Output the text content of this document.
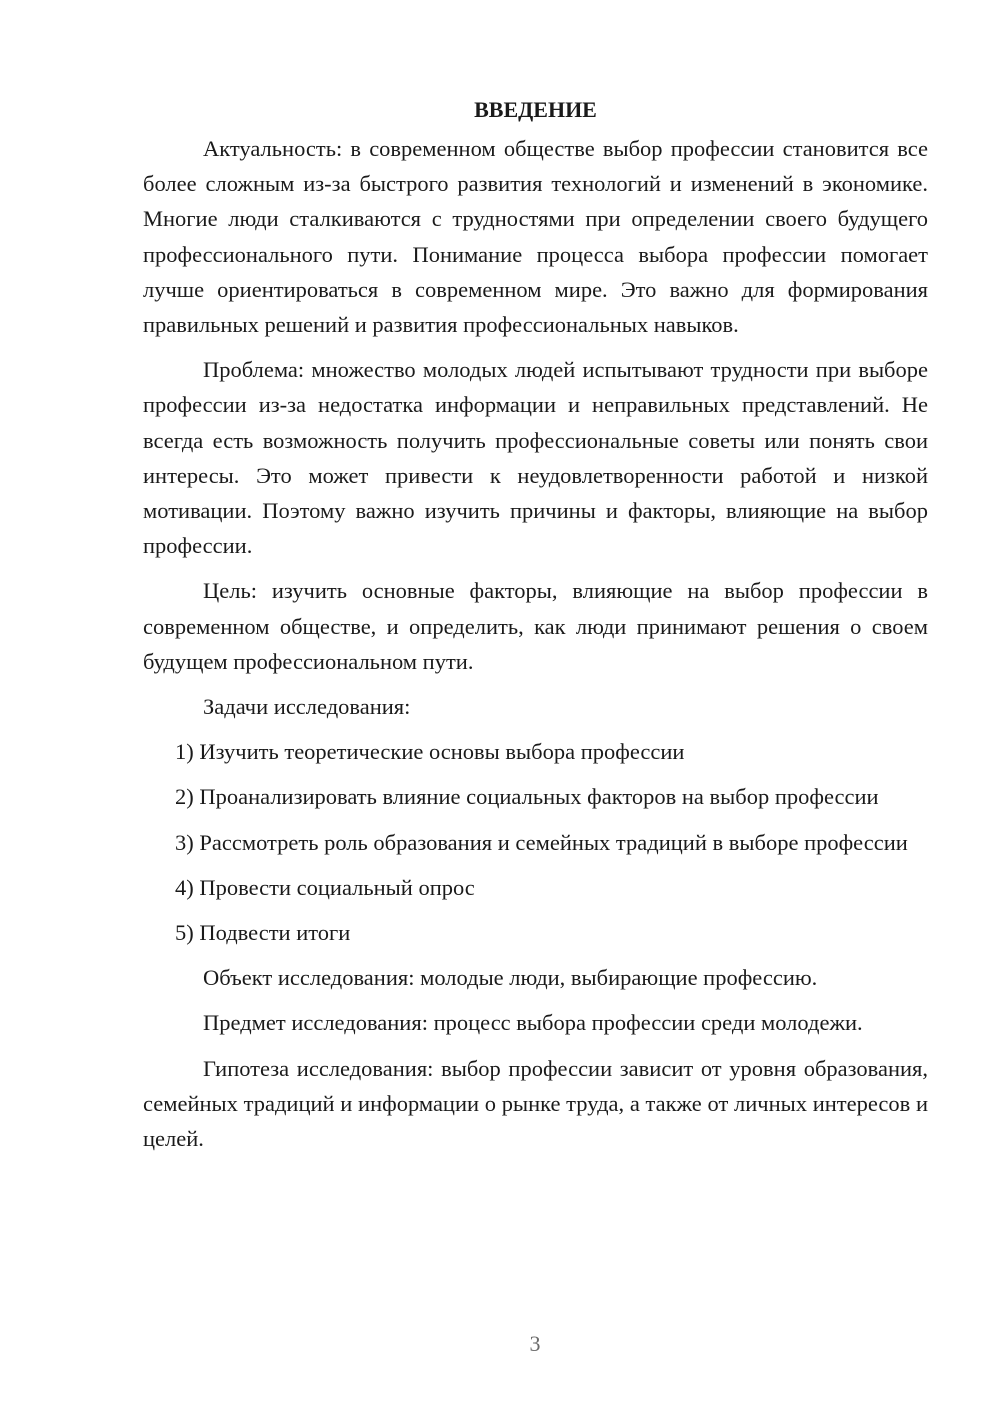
ВВЕДЕНИЕ

Актуальность: в современном обществе выбор профессии становится все более сложным из-за быстрого развития технологий и изменений в экономике. Многие люди сталкиваются с трудностями при определении своего будущего профессионального пути. Понимание процесса выбора профессии помогает лучше ориентироваться в современном мире. Это важно для формирования правильных решений и развития профессиональных навыков.

Проблема: множество молодых людей испытывают трудности при выборе профессии из-за недостатка информации и неправильных представлений. Не всегда есть возможность получить профессиональные советы или понять свои интересы. Это может привести к неудовлетворенности работой и низкой мотивации. Поэтому важно изучить причины и факторы, влияющие на выбор профессии.

Цель: изучить основные факторы, влияющие на выбор профессии в современном обществе, и определить, как люди принимают решения о своем будущем профессиональном пути.

Задачи исследования:

1) Изучить теоретические основы выбора профессии

2) Проанализировать влияние социальных факторов на выбор профессии

3) Рассмотреть роль образования и семейных традиций в выборе профессии

4) Провести социальный опрос

5) Подвести итоги

Объект исследования: молодые люди, выбирающие профессию.

Предмет исследования: процесс выбора профессии среди молодежи.

Гипотеза исследования: выбор профессии зависит от уровня образования, семейных традиций и информации о рынке труда, а также от личных интересов и целей.

3
